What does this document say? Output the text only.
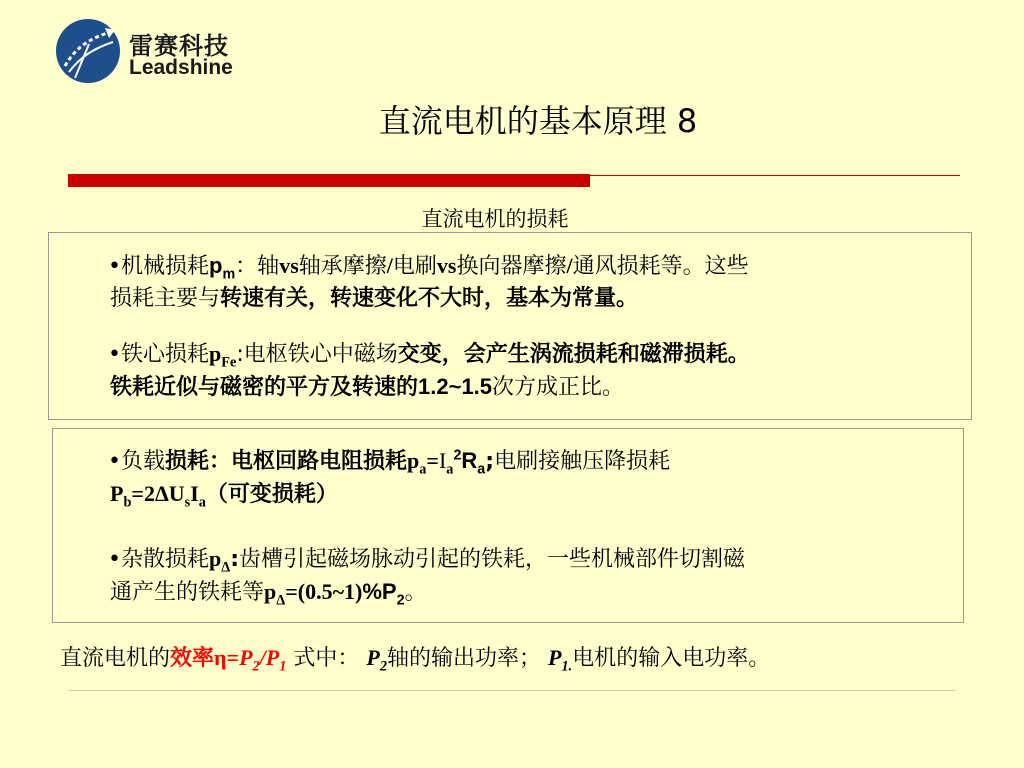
雷赛科技
Leadshine
直流电机的基本原理 8
直流电机的损耗
•机械损耗$p_m$：轴vs轴承摩擦/电刷vs换向器摩擦/通风损耗等。这些
损耗主要与转速有关，转速变化不大时，基本为常量。
•铁心损耗$p_{Fe}$:电枢铁心中磁场交变，会产生涡流损耗和磁滞损耗。
铁耗近似与磁密的平方及转速的1.2~1.5次方成正比。
•负载损耗：电枢回路电阻损耗$p_a=I_a^2R_a$;电刷接触压降损耗
$P_b=2\Delta U_sI_a$（可变损耗）
•杂散损耗$p_\Delta$:齿槽引起磁场脉动引起的铁耗，一些机械部件切割磁
通产生的铁耗等$p_\Delta=(0.5\sim 1)\%P_2$。
直流电机的效率$\eta=P_2/P_1$ 式中： $P_2$轴的输出功率； $P_{1.}$电机的输入电功率。
